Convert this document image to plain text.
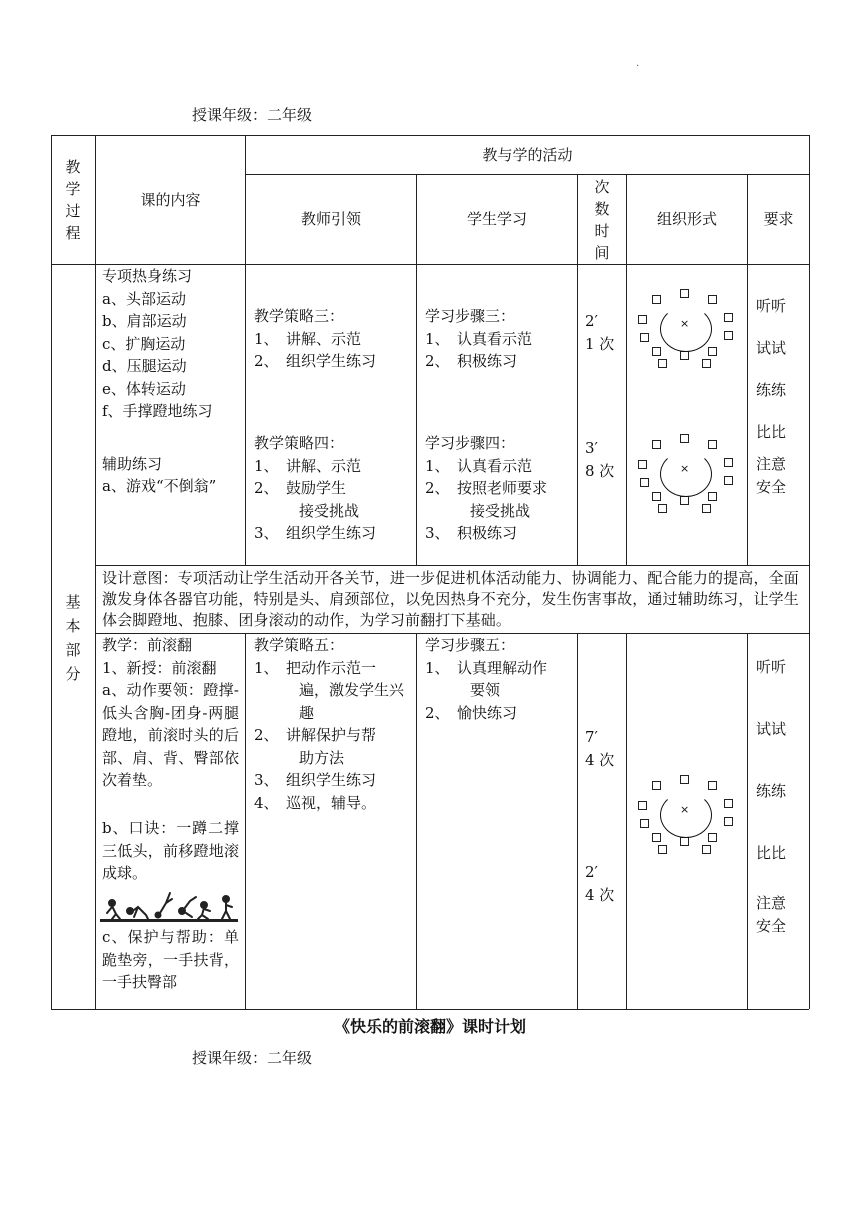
.
授课年级：二年级
教
学
过
程
课的内容
教与学的活动
教师引领	学生学习
次
数
时
间
组织形式	要求
基
本
部
分
专项热身练习
a、头部运动
b、肩部运动
c、扩胸运动
d、压腿运动
e、体转运动
f、手撑蹬地练习
辅助练习
a、游戏“不倒翁”
教学策略三：
1、　讲解、示范
2、　组织学生练习
教学策略四：
1、　讲解、示范
2、　鼓励学生
　　　接受挑战
3、　组织学生练习
学习步骤三：
1、　认真看示范
2、　积极练习
学习步骤四：
1、　认真看示范
2、　按照老师要求
　　　接受挑战
3、　积极练习
2′
1 次
3′
8 次
×
×
听听
试试
练练
比比
注意
安全
设计意图：专项活动让学生活动开各关节，进一步促进机体活动能力、协调能力、配合能力的提高，全面激发身体各器官功能，特别是头、肩颈部位，以免因热身不充分，发生伤害事故，通过辅助练习，让学生体会脚蹬地、抱膝、团身滚动的动作，为学习前翻打下基础。
教学：前滚翻
1、新授：前滚翻
a、动作要领：蹬撑-低头含胸-团身-两腿蹬地，前滚时头的后部、肩、背、臀部依次着垫。
b、口诀：一蹲二撑三低头，前移蹬地滚成球。
c、保护与帮助：单跪垫旁，一手扶背，一手扶臀部
教学策略五：
1、　把动作示范一
　　　遍，激发学生兴
　　　趣
2、　讲解保护与帮
　　　助方法
3、　组织学生练习
4、　巡视，辅导。
学习步骤五：
1、　认真理解动作
　　　要领
2、　愉快练习
7′
4 次
2′
4 次
×
听听
试试
练练
比比
注意
安全
《快乐的前滚翻》课时计划
授课年级：二年级
